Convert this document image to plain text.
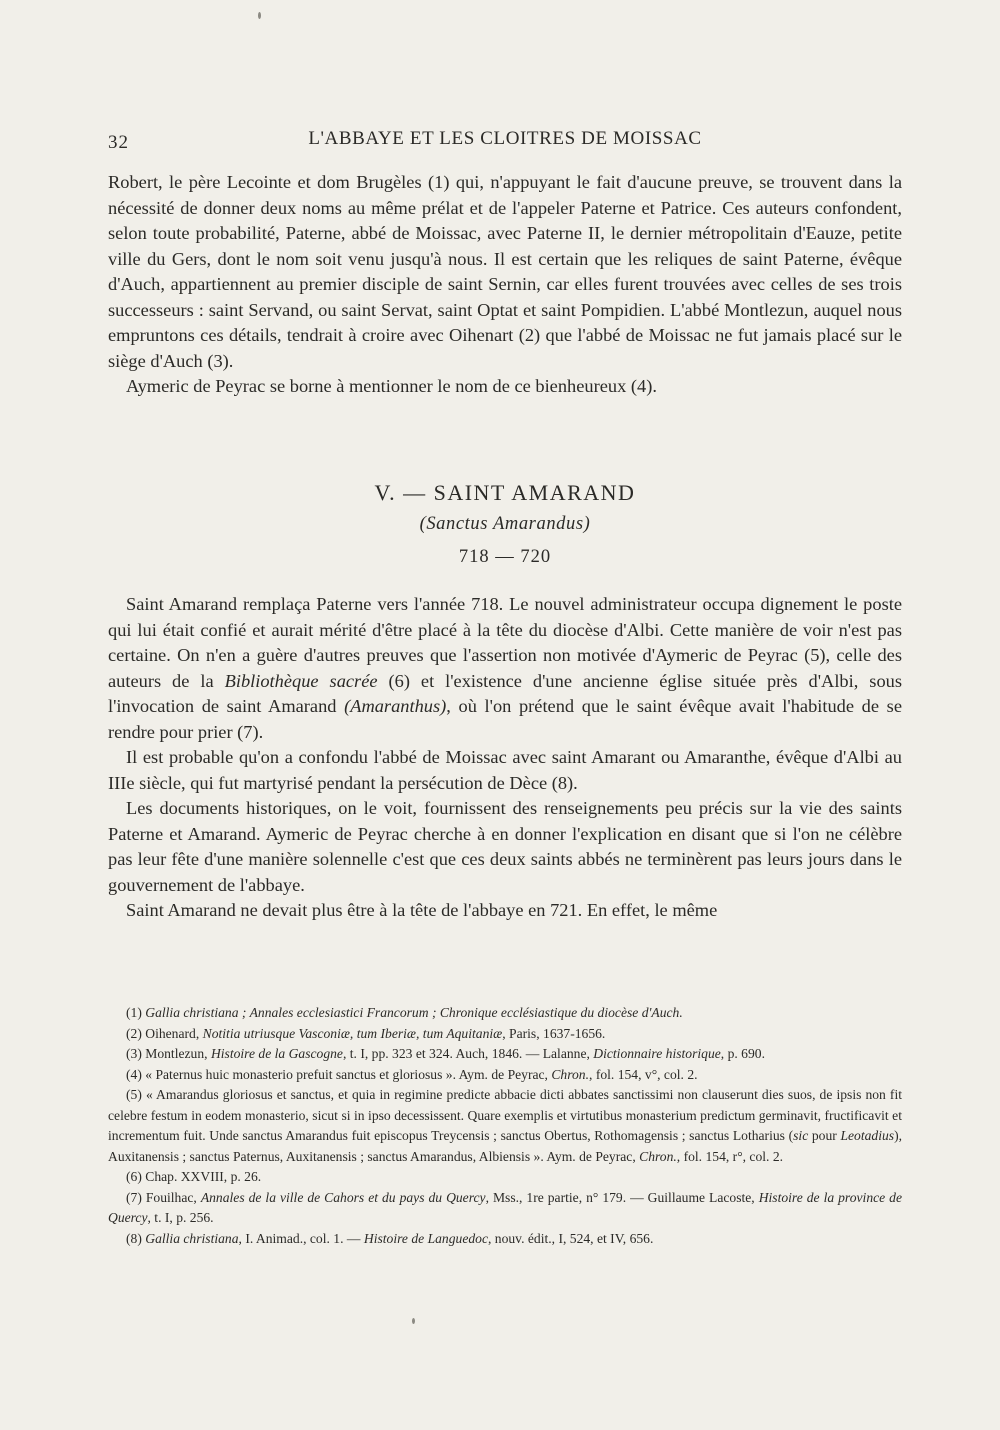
32	L'ABBAYE ET LES CLOITRES DE MOISSAC

Robert, le père Lecointe et dom Brugèles (1) qui, n'appuyant le fait d'aucune preuve, se trouvent dans la nécessité de donner deux noms au même prélat et de l'appeler Paterne et Patrice. Ces auteurs confondent, selon toute probabilité, Paterne, abbé de Moissac, avec Paterne II, le dernier métropolitain d'Eauze, petite ville du Gers, dont le nom soit venu jusqu'à nous. Il est certain que les reliques de saint Paterne, évêque d'Auch, appartiennent au premier disciple de saint Sernin, car elles furent trouvées avec celles de ses trois successeurs : saint Servand, ou saint Servat, saint Optat et saint Pompidien. L'abbé Montlezun, auquel nous empruntons ces détails, tendrait à croire avec Oihenart (2) que l'abbé de Moissac ne fut jamais placé sur le siège d'Auch (3).

Aymeric de Peyrac se borne à mentionner le nom de ce bienheureux (4).

V. — SAINT AMARAND
(Sanctus Amarandus)
718 — 720

Saint Amarand remplaça Paterne vers l'année 718. Le nouvel administrateur occupa dignement le poste qui lui était confié et aurait mérité d'être placé à la tête du diocèse d'Albi. Cette manière de voir n'est pas certaine. On n'en a guère d'autres preuves que l'assertion non motivée d'Aymeric de Peyrac (5), celle des auteurs de la Bibliothèque sacrée (6) et l'existence d'une ancienne église située près d'Albi, sous l'invocation de saint Amarand (Amaranthus), où l'on prétend que le saint évêque avait l'habitude de se rendre pour prier (7).

Il est probable qu'on a confondu l'abbé de Moissac avec saint Amarant ou Amaranthe, évêque d'Albi au IIIe siècle, qui fut martyrisé pendant la persécution de Dèce (8).

Les documents historiques, on le voit, fournissent des renseignements peu précis sur la vie des saints Paterne et Amarand. Aymeric de Peyrac cherche à en donner l'explication en disant que si l'on ne célèbre pas leur fête d'une manière solennelle c'est que ces deux saints abbés ne terminèrent pas leurs jours dans le gouvernement de l'abbaye.

Saint Amarand ne devait plus être à la tête de l'abbaye en 721. En effet, le même

(1) Gallia christiana ; Annales ecclesiastici Francorum ; Chronique ecclésiastique du diocèse d'Auch.

(2) Oihenard, Notitia utriusque Vasconiæ, tum Iberiæ, tum Aquitaniæ, Paris, 1637-1656.

(3) Montlezun, Histoire de la Gascogne, t. I, pp. 323 et 324. Auch, 1846. — Lalanne, Dictionnaire historique, p. 690.

(4) « Paternus huic monasterio prefuit sanctus et gloriosus ». Aym. de Peyrac, Chron., fol. 154, v°, col. 2.

(5) « Amarandus gloriosus et sanctus, et quia in regimine predicte abbacie dicti abbates sanctissimi non clauserunt dies suos, de ipsis non fit celebre festum in eodem monasterio, sicut si in ipso decessissent. Quare exemplis et virtutibus monasterium predictum germinavit, fructificavit et incrementum fuit. Unde sanctus Amarandus fuit episcopus Treycensis ; sanctus Obertus, Rothomagensis ; sanctus Lotharius (sic pour Leotadius), Auxitanensis ; sanctus Paternus, Auxitanensis ; sanctus Amarandus, Albiensis ». Aym. de Peyrac, Chron., fol. 154, r°, col. 2.

(6) Chap. XXVIII, p. 26.

(7) Fouilhac, Annales de la ville de Cahors et du pays du Quercy, Mss., 1re partie, n° 179. — Guillaume Lacoste, Histoire de la province de Quercy, t. I, p. 256.

(8) Gallia christiana, I. Animad., col. 1. — Histoire de Languedoc, nouv. édit., I, 524, et IV, 656.
